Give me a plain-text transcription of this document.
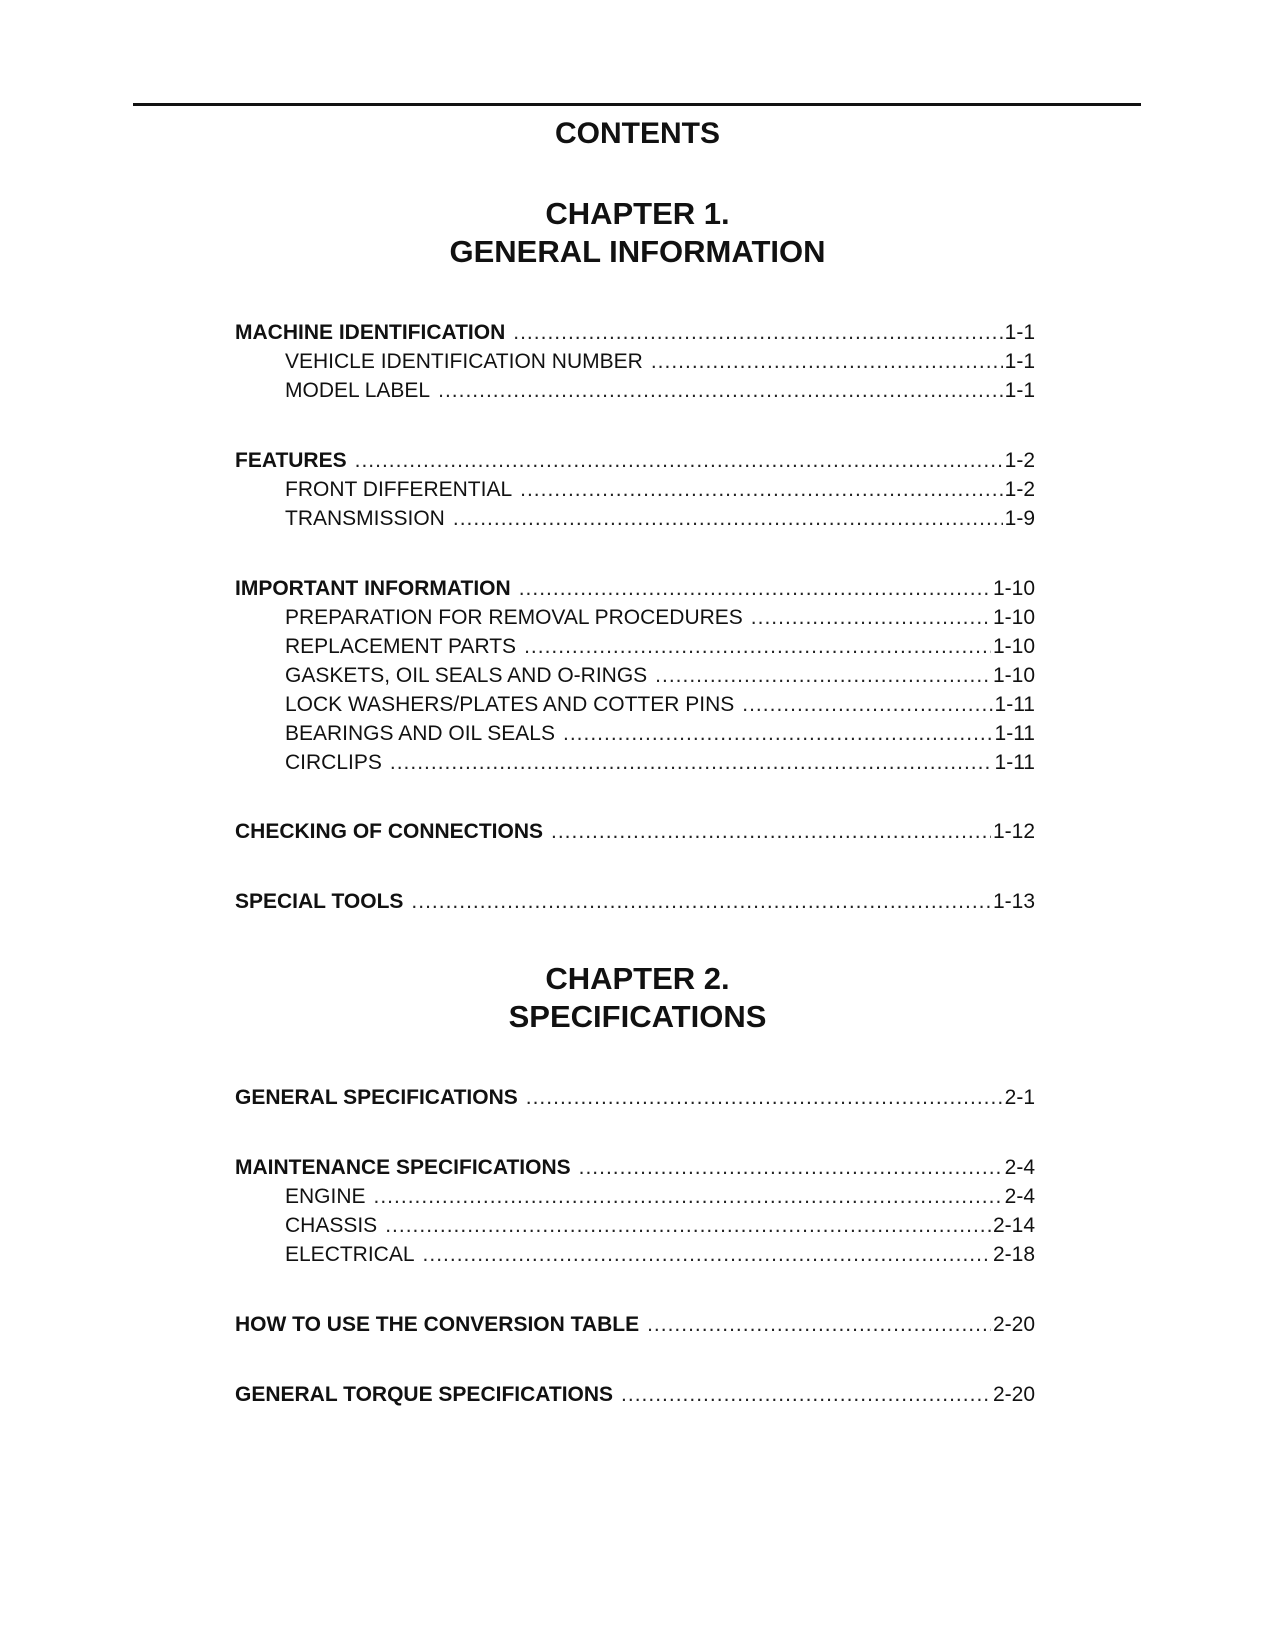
CONTENTS
CHAPTER 1.
GENERAL INFORMATION
MACHINE IDENTIFICATION .....	1-1
VEHICLE IDENTIFICATION NUMBER .....	1-1
MODEL LABEL .....	1-1
FEATURES .....	1-2
FRONT DIFFERENTIAL .....	1-2
TRANSMISSION .....	1-9
IMPORTANT INFORMATION .....	1-10
PREPARATION FOR REMOVAL PROCEDURES .....	1-10
REPLACEMENT PARTS .....	1-10
GASKETS, OIL SEALS AND O-RINGS .....	1-10
LOCK WASHERS/PLATES AND COTTER PINS .....	1-11
BEARINGS AND OIL SEALS .....	1-11
CIRCLIPS .....	1-11
CHECKING OF CONNECTIONS .....	1-12
SPECIAL TOOLS .....	1-13
CHAPTER 2.
SPECIFICATIONS
GENERAL SPECIFICATIONS .....	2-1
MAINTENANCE SPECIFICATIONS .....	2-4
ENGINE .....	2-4
CHASSIS .....	2-14
ELECTRICAL .....	2-18
HOW TO USE THE CONVERSION TABLE .....	2-20
GENERAL TORQUE SPECIFICATIONS .....	2-20
